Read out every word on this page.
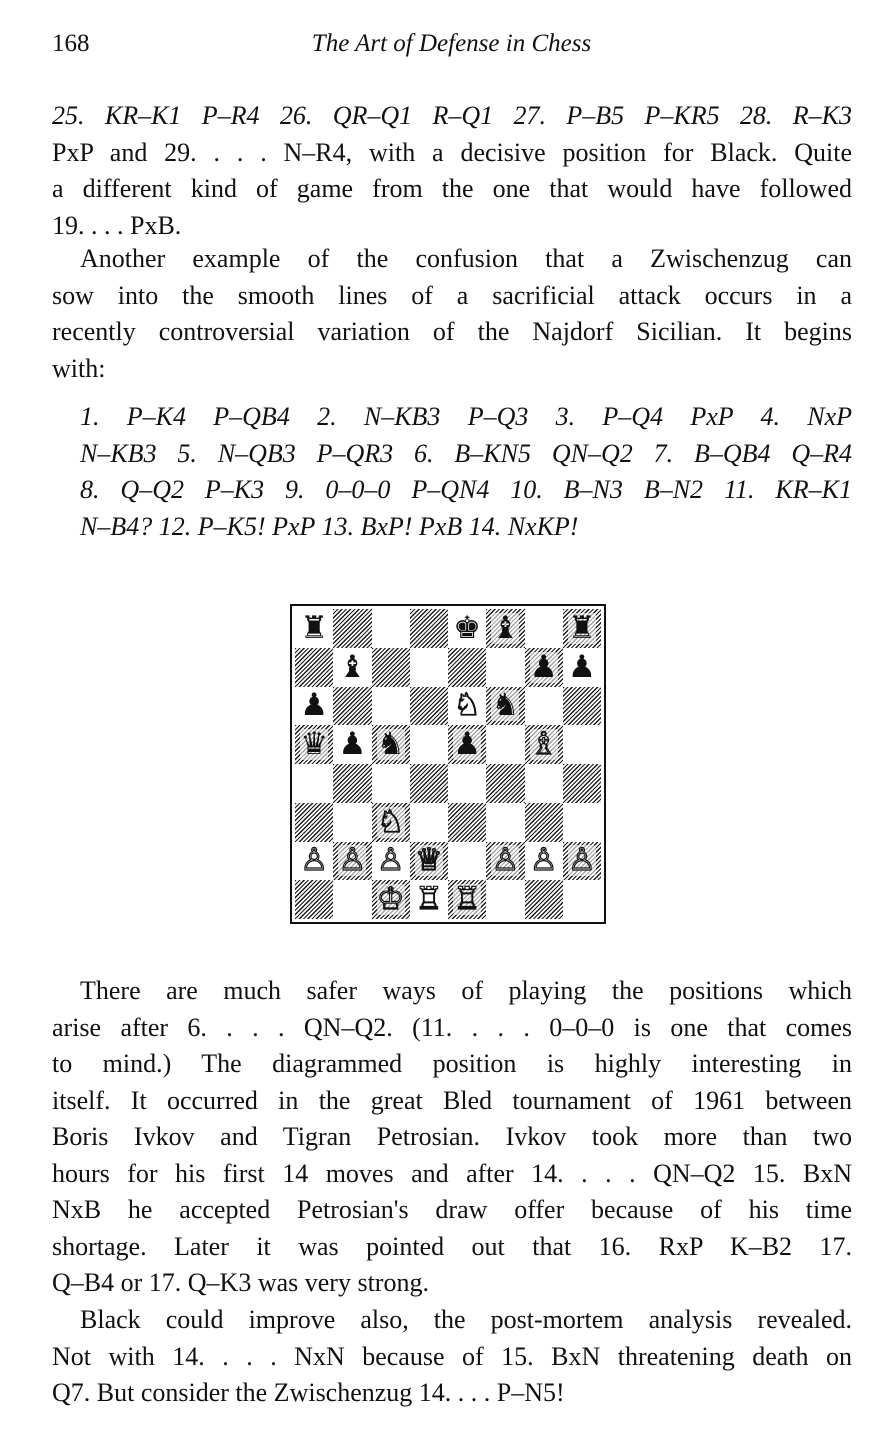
168	The Art of Defense in Chess
25. KR–K1 P–R4 26. QR–Q1 R–Q1 27. P–B5 P–KR5 28. R–K3
PxP and 29. . . . N–R4, with a decisive position for Black. Quite
a different kind of game from the one that would have followed
19. . . . PxB.
Another example of the confusion that a Zwischenzug can
sow into the smooth lines of a sacrificial attack occurs in a
recently controversial variation of the Najdorf Sicilian. It begins
with:
1. P–K4 P–QB4 2. N–KB3 P–Q3 3. P–Q4 PxP 4. NxP
N–KB3 5. N–QB3 P–QR3 6. B–KN5 QN–Q2 7. B–QB4 Q–R4
8. Q–Q2 P–K3 9. 0–0–0 P–QN4 10. B–N3 B–N2 11. KR–K1
N–B4? 12. P–K5! PxP 13. BxP! PxB 14. NxKP!
♜	♚ ♝ ♜
♝	♟ ♟
♟	♘ ♞
♛ ♟ ♞ ♟ ♗
♘
♙ ♙ ♙ ♕ ♙ ♙ ♙
♔ ♖ ♖
There are much safer ways of playing the positions which
arise after 6. . . . QN–Q2. (11. . . . 0–0–0 is one that comes
to mind.) The diagrammed position is highly interesting in
itself. It occurred in the great Bled tournament of 1961 between
Boris Ivkov and Tigran Petrosian. Ivkov took more than two
hours for his first 14 moves and after 14. . . . QN–Q2 15. BxN
NxB he accepted Petrosian's draw offer because of his time
shortage. Later it was pointed out that 16. RxP K–B2 17.
Q–B4 or 17. Q–K3 was very strong.
Black could improve also, the post-mortem analysis revealed.
Not with 14. . . . NxN because of 15. BxN threatening death on
Q7. But consider the Zwischenzug 14. . . . P–N5!
